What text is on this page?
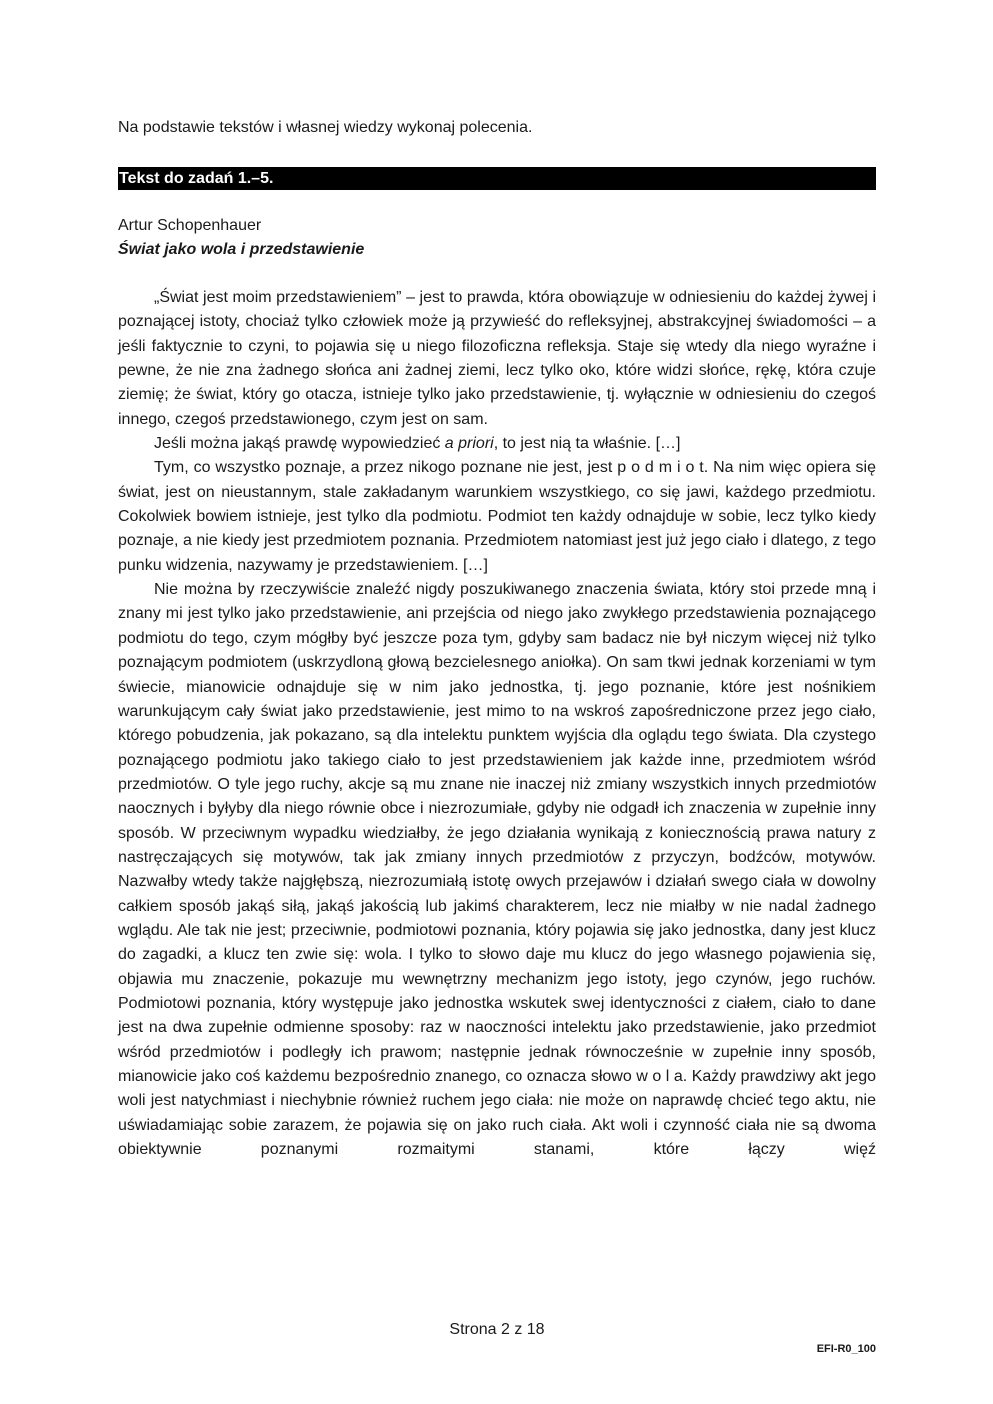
Na podstawie tekstów i własnej wiedzy wykonaj polecenia.
Tekst do zadań 1.–5.
Artur Schopenhauer
Świat jako wola i przedstawienie

„Świat jest moim przedstawieniem” – jest to prawda, która obowiązuje w odniesieniu do każdej żywej i poznającej istoty, chociaż tylko człowiek może ją przywieść do refleksyjnej, abstrakcyjnej świadomości – a jeśli faktycznie to czyni, to pojawia się u niego filozoficzna refleksja. Staje się wtedy dla niego wyraźne i pewne, że nie zna żadnego słońca ani żadnej ziemi, lecz tylko oko, które widzi słońce, rękę, która czuje ziemię; że świat, który go otacza, istnieje tylko jako przedstawienie, tj. wyłącznie w odniesieniu do czegoś innego, czegoś przedstawionego, czym jest on sam.

Jeśli można jakąś prawdę wypowiedzieć a priori, to jest nią ta właśnie. […]

Tym, co wszystko poznaje, a przez nikogo poznane nie jest, jest p o d m i o t. Na nim więc opiera się świat, jest on nieustannym, stale zakładanym warunkiem wszystkiego, co się jawi, każdego przedmiotu. Cokolwiek bowiem istnieje, jest tylko dla podmiotu. Podmiot ten każdy odnajduje w sobie, lecz tylko kiedy poznaje, a nie kiedy jest przedmiotem poznania. Przedmiotem natomiast jest już jego ciało i dlatego, z tego punku widzenia, nazywamy je przedstawieniem. […]

Nie można by rzeczywiście znaleźć nigdy poszukiwanego znaczenia świata, który stoi przede mną i znany mi jest tylko jako przedstawienie, ani przejścia od niego jako zwykłego przedstawienia poznającego podmiotu do tego, czym mógłby być jeszcze poza tym, gdyby sam badacz nie był niczym więcej niż tylko poznającym podmiotem (uskrzydloną głową bezcielesnego aniołka). On sam tkwi jednak korzeniami w tym świecie, mianowicie odnajduje się w nim jako jednostka, tj. jego poznanie, które jest nośnikiem warunkującym cały świat jako przedstawienie, jest mimo to na wskroś zapośredniczone przez jego ciało, którego pobudzenia, jak pokazano, są dla intelektu punktem wyjścia dla oglądu tego świata. Dla czystego poznającego podmiotu jako takiego ciało to jest przedstawieniem jak każde inne, przedmiotem wśród przedmiotów. O tyle jego ruchy, akcje są mu znane nie inaczej niż zmiany wszystkich innych przedmiotów naocznych i byłyby dla niego równie obce i niezrozumiałe, gdyby nie odgadł ich znaczenia w zupełnie inny sposób. W przeciwnym wypadku wiedziałby, że jego działania wynikają z koniecznością prawa natury z nastręczających się motywów, tak jak zmiany innych przedmiotów z przyczyn, bodźców, motywów. Nazwałby wtedy także najgłębszą, niezrozumiałą istotę owych przejawów i działań swego ciała w dowolny całkiem sposób jakąś siłą, jakąś jakością lub jakimś charakterem, lecz nie miałby w nie nadal żadnego wglądu. Ale tak nie jest; przeciwnie, podmiotowi poznania, który pojawia się jako jednostka, dany jest klucz do zagadki, a klucz ten zwie się: wola. I tylko to słowo daje mu klucz do jego własnego pojawienia się, objawia mu znaczenie, pokazuje mu wewnętrzny mechanizm jego istoty, jego czynów, jego ruchów. Podmiotowi poznania, który występuje jako jednostka wskutek swej identyczności z ciałem, ciało to dane jest na dwa zupełnie odmienne sposoby: raz w naoczności intelektu jako przedstawienie, jako przedmiot wśród przedmiotów i podległy ich prawom; następnie jednak równocześnie w zupełnie inny sposób, mianowicie jako coś każdemu bezpośrednio znanego, co oznacza słowo w o l a. Każdy prawdziwy akt jego woli jest natychmiast i niechybnie również ruchem jego ciała: nie może on naprawdę chcieć tego aktu, nie uświadamiając sobie zarazem, że pojawia się on jako ruch ciała. Akt woli i czynność ciała nie są dwoma obiektywnie poznanymi rozmaitymi stanami, które łączy więź

Strona 2 z 18
EFI-R0_100
